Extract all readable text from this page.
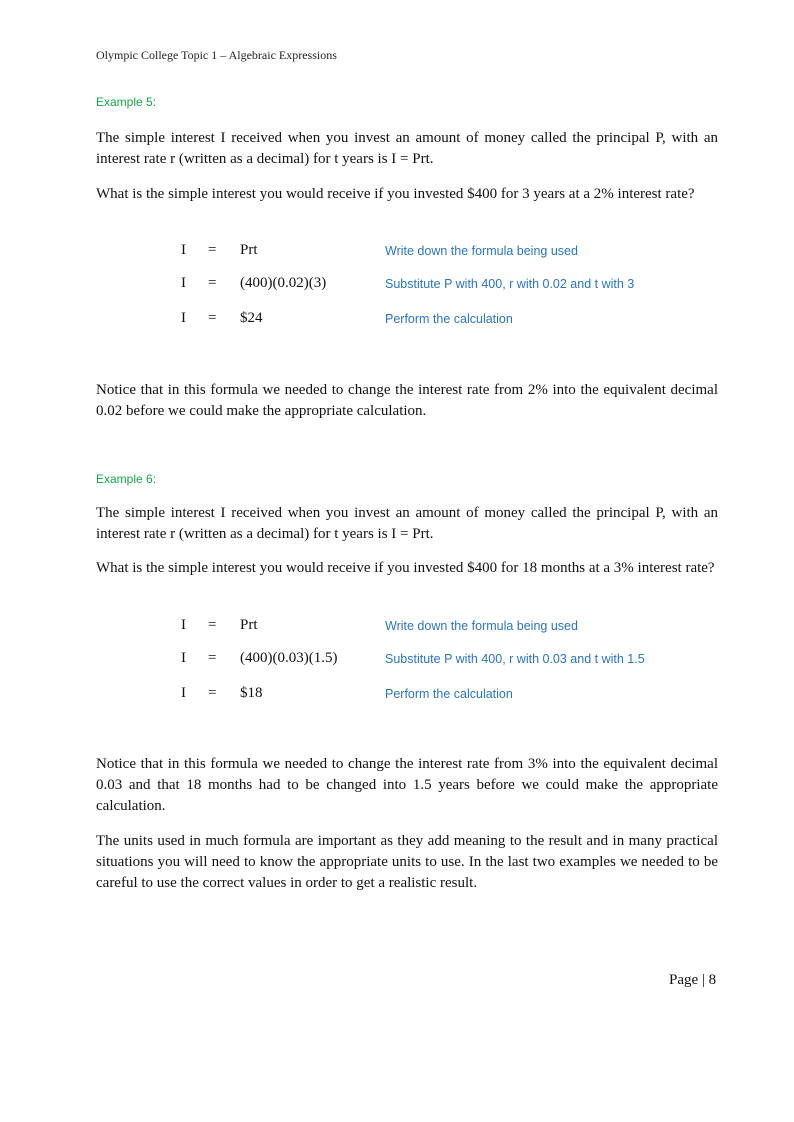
Olympic College Topic 1 – Algebraic Expressions
Example 5:
The simple interest I received when you invest an amount of money called the principal P, with an interest rate r (written as a decimal) for t years is I = Prt.
What is the simple interest you would receive if you invested $400 for 3 years at a 2% interest rate?
I = Prt	Write down the formula being used
I = (400)(0.02)(3)	Substitute P with 400, r with 0.02 and t with 3
I = $24	Perform the calculation
Notice that in this formula we needed to change the interest rate from 2% into the equivalent decimal 0.02 before we could make the appropriate calculation.
Example 6:
The simple interest I received when you invest an amount of money called the principal P, with an interest rate r (written as a decimal) for t years is I = Prt.
What is the simple interest you would receive if you invested $400 for 18 months at a 3% interest rate?
I = Prt	Write down the formula being used
I = (400)(0.03)(1.5)	Substitute P with 400, r with 0.03 and t with 1.5
I = $18	Perform the calculation
Notice that in this formula we needed to change the interest rate from 3% into the equivalent decimal 0.03 and that 18 months had to be changed into 1.5 years before we could make the appropriate calculation.
The units used in much formula are important as they add meaning to the result and in many practical situations you will need to know the appropriate units to use. In the last two examples we needed to be careful to use the correct values in order to get a realistic result.
Page | 8
